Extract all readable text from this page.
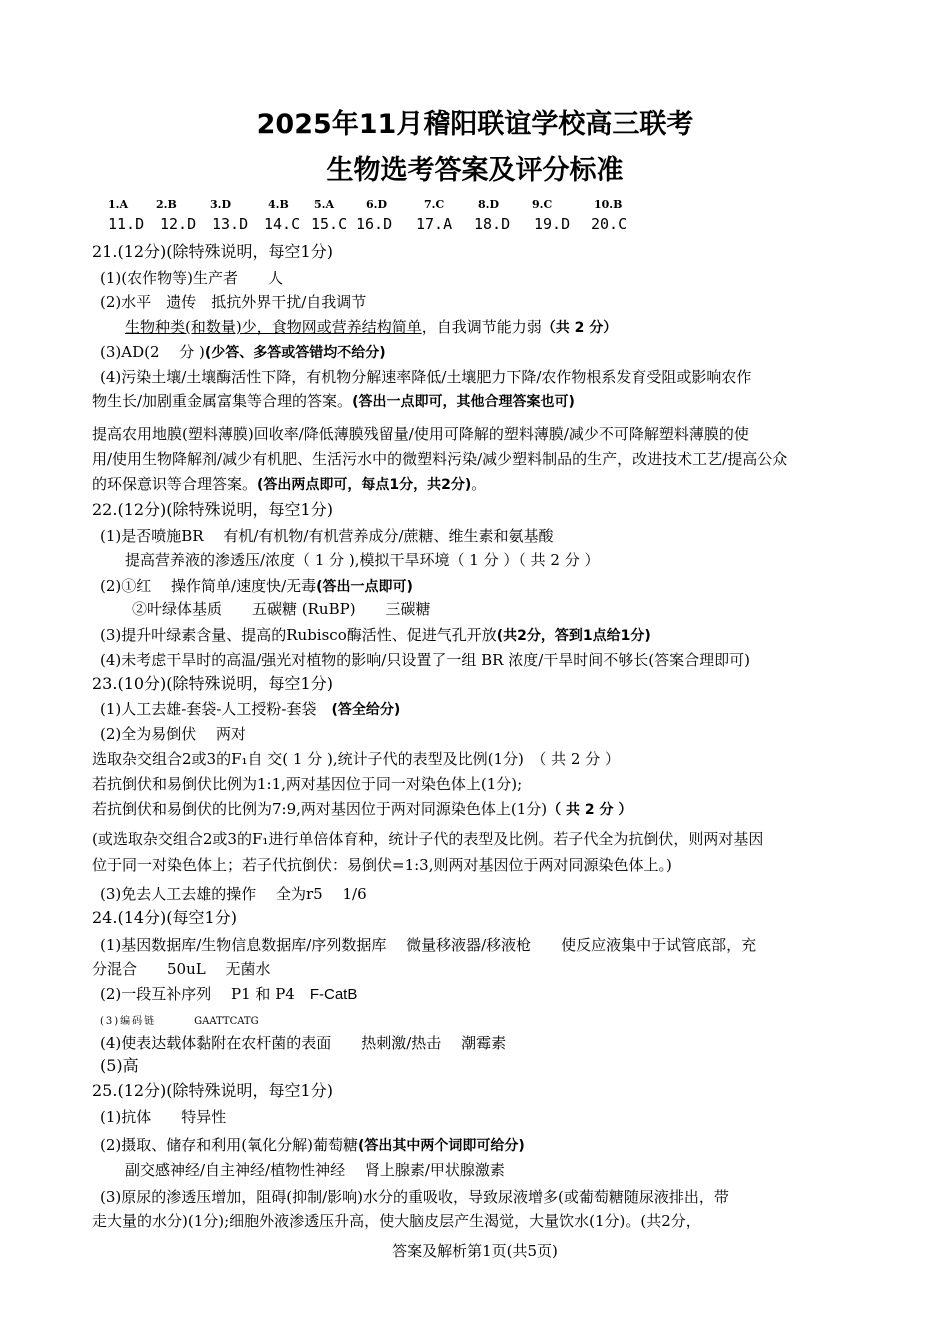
2025年11月稽阳联谊学校高三联考
生物选考答案及评分标准
1.A	2.B	3.D	4.B 5.A	6.D	7.C	8.D	9.C	10.B
11.D 12.D 13.D 14.C 15.C 16.D 17.A 18.D 19.D 20.C
21.(12分)(除特殊说明，每空1分)
(1)(农作物等)生产者　　人
(2)水平　遗传　抵抗外界干扰/自我调节
生物种类(和数量)少，食物网或营养结构简单，自我调节能力弱（共 2 分）
(3)AD(2　 分 )(少答、多答或答错均不给分)
(4)污染土壤/土壤酶活性下降，有机物分解速率降低/土壤肥力下降/农作物根系发育受阻或影响农作
物生长/加剧重金属富集等合理的答案。(答出一点即可，其他合理答案也可)
提高农用地膜(塑料薄膜)回收率/降低薄膜残留量/使用可降解的塑料薄膜/减少不可降解塑料薄膜的使
用/使用生物降解剂/减少有机肥、生活污水中的微塑料污染/减少塑料制品的生产，改进技术工艺/提高公众
的环保意识等合理答案。(答出两点即可，每点1分，共2分)。
22.(12分)(除特殊说明，每空1分)
(1)是否喷施BR　 有机/有机物/有机营养成分/蔗糖、维生素和氨基酸
提高营养液的渗透压/浓度（ 1 分 ),模拟干旱环境（ 1 分 ）（ 共 2 分 ）
(2)①红　 操作简单/速度快/无毒(答出一点即可)
②叶绿体基质　　五碳糖 (RuBP)　　三碳糖
(3)提升叶绿素含量、提高的Rubisco酶活性、促进气孔开放(共2分，答到1点给1分)
(4)未考虑干旱时的高温/强光对植物的影响/只设置了一组 BR 浓度/干旱时间不够长(答案合理即可)
23.(10分)(除特殊说明，每空1分)
(1)人工去雄-套袋-人工授粉-套袋　(答全给分)
(2)全为易倒伏　 两对
选取杂交组合2或3的F₁自 交( 1 分 ),统计子代的表型及比例(1分)　（ 共 2 分 ）
若抗倒伏和易倒伏比例为1:1,两对基因位于同一对染色体上(1分);
若抗倒伏和易倒伏的比例为7:9,两对基因位于两对同源染色体上(1分)（ 共 2 分 ）
(或选取杂交组合2或3的F₁进行单倍体育种，统计子代的表型及比例。若子代全为抗倒伏，则两对基因
位于同一对染色体上；若子代抗倒伏：易倒伏=1:3,则两对基因位于两对同源染色体上。)
(3)免去人工去雄的操作　 全为r5　 1/6
24.(14分)(每空1分)
(1)基因数据库/生物信息数据库/序列数据库　 微量移液器/移液枪　　使反应液集中于试管底部，充
分混合　　50uL　 无菌水
(2)一段互补序列　 P1 和 P4　F-CatB
(3)编码链　	GAATTCATG
(4)使表达载体黏附在农杆菌的表面　　热刺激/热击　 潮霉素
(5)高
25.(12分)(除特殊说明，每空1分)
(1)抗体　　特异性
(2)摄取、储存和利用(氧化分解)葡萄糖(答出其中两个词即可给分)
副交感神经/自主神经/植物性神经　 肾上腺素/甲状腺激素
(3)原尿的渗透压增加，阻碍(抑制/影响)水分的重吸收，导致尿液增多(或葡萄糖随尿液排出，带
走大量的水分)(1分);细胞外液渗透压升高，使大脑皮层产生渴觉，大量饮水(1分)。(共2分，
答案及解析第1页(共5页)
